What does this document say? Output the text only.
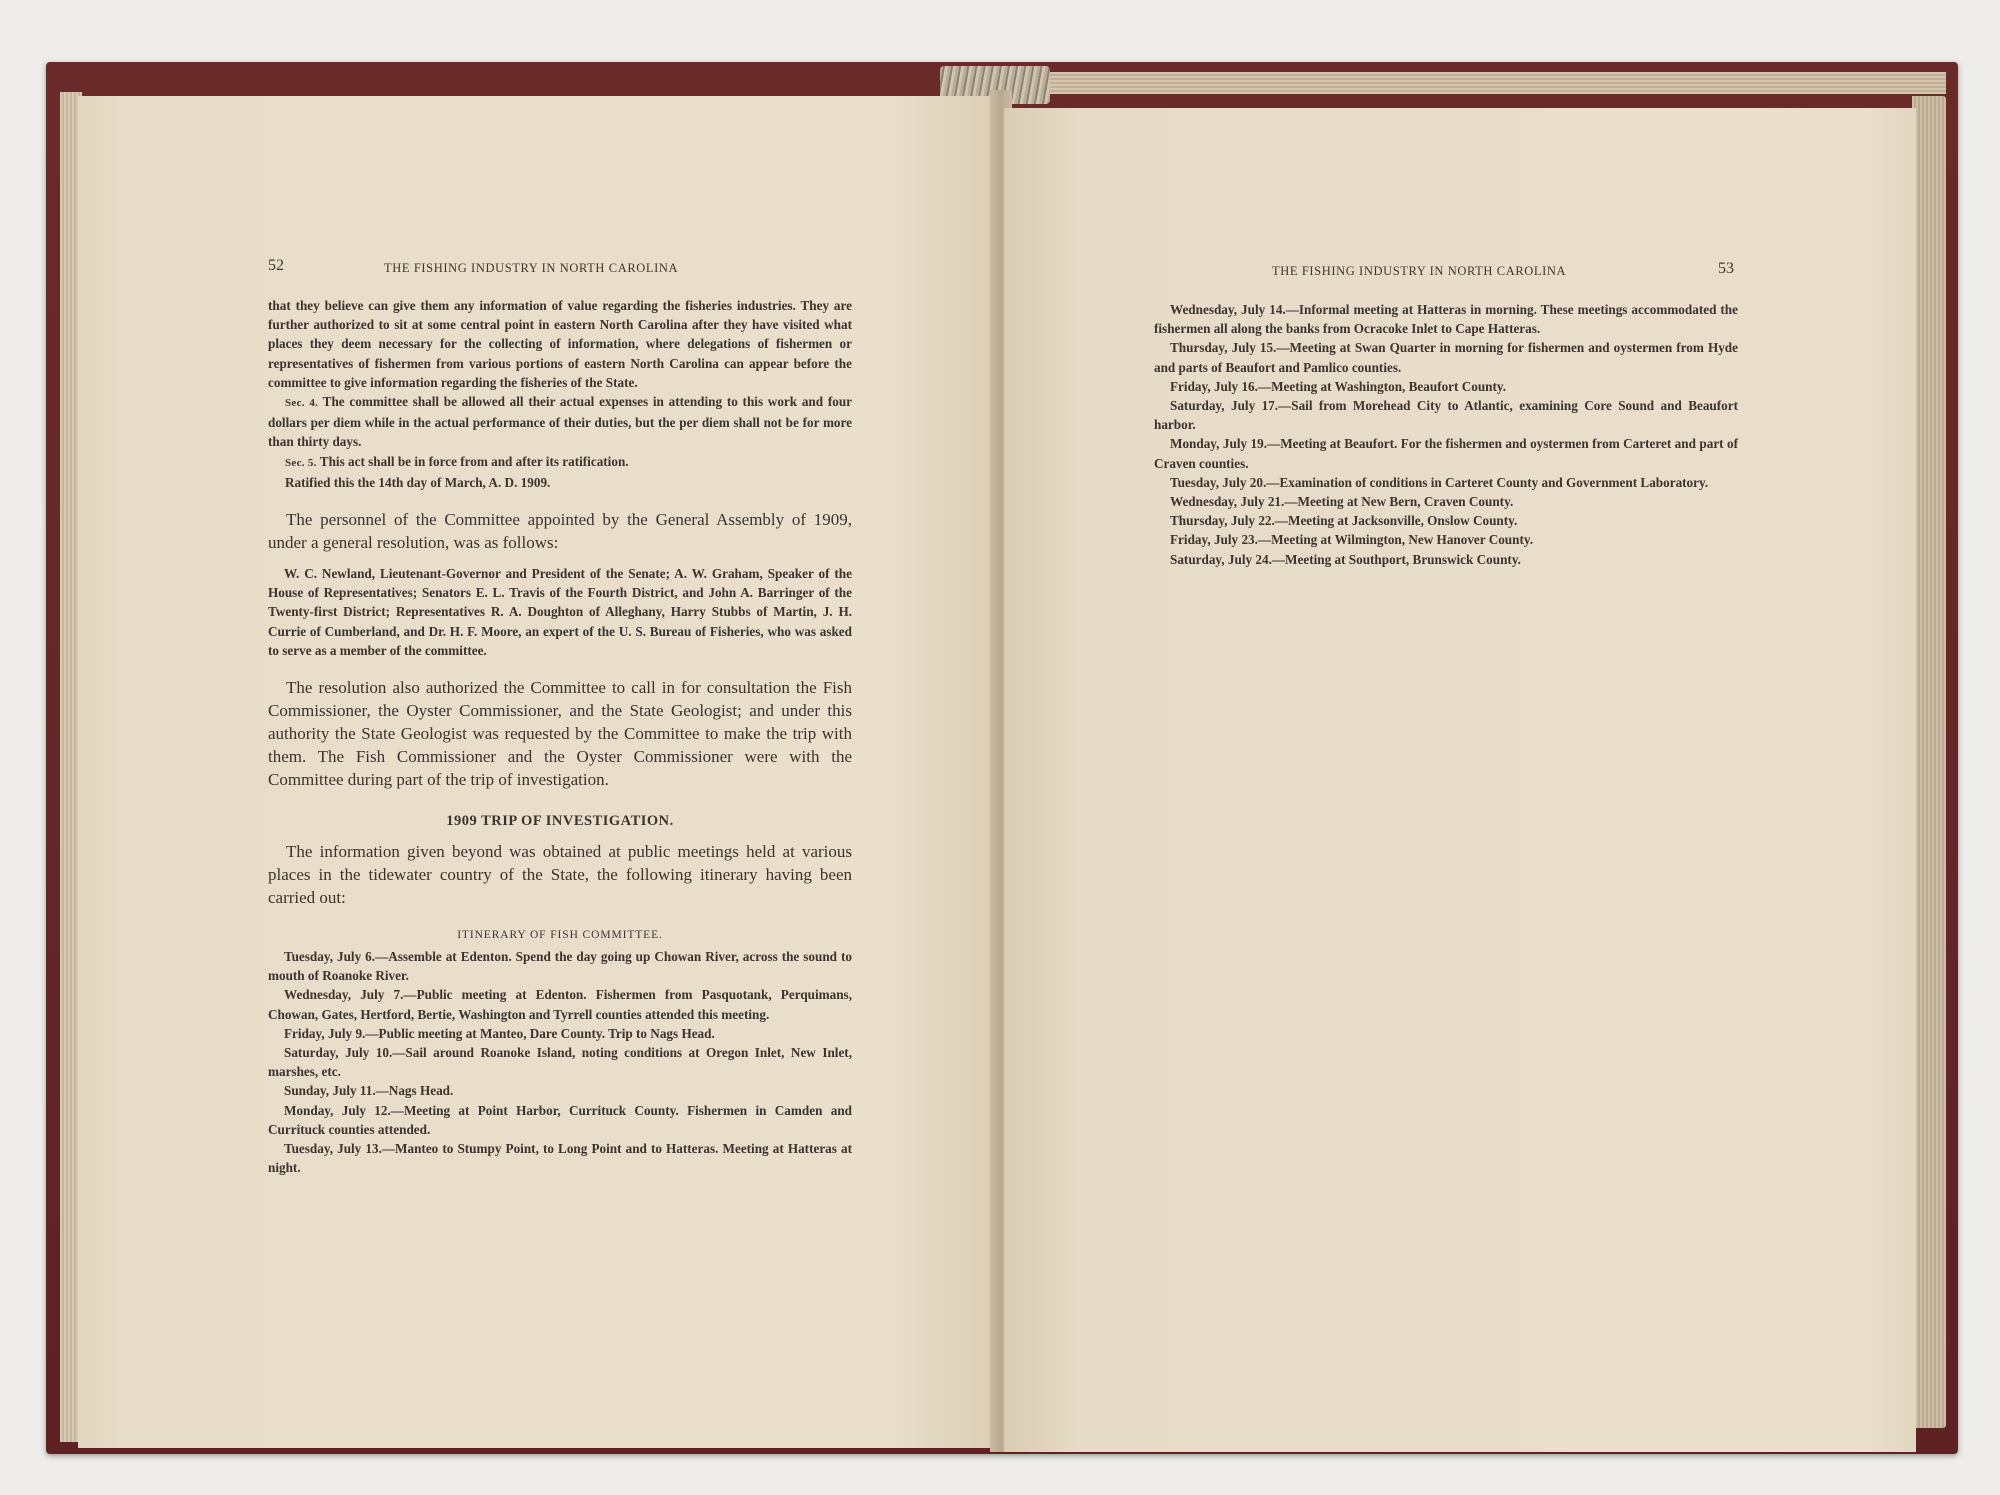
52	THE FISHING INDUSTRY IN NORTH CAROLINA

that they believe can give them any information of value regarding the fisheries industries. They are further authorized to sit at some central point in eastern North Carolina after they have visited what places they deem necessary for the collecting of information, where delegations of fishermen or representatives of fishermen from various portions of eastern North Carolina can appear before the committee to give information regarding the fisheries of the State.

Sec. 4. The committee shall be allowed all their actual expenses in attending to this work and four dollars per diem while in the actual performance of their duties, but the per diem shall not be for more than thirty days.

Sec. 5. This act shall be in force from and after its ratification.

Ratified this the 14th day of March, A. D. 1909.

The personnel of the Committee appointed by the General Assembly of 1909, under a general resolution, was as follows:

W. C. Newland, Lieutenant-Governor and President of the Senate; A. W. Graham, Speaker of the House of Representatives; Senators E. L. Travis of the Fourth District, and John A. Barringer of the Twenty-first District; Representatives R. A. Doughton of Alleghany, Harry Stubbs of Martin, J. H. Currie of Cumberland, and Dr. H. F. Moore, an expert of the U. S. Bureau of Fisheries, who was asked to serve as a member of the committee.

The resolution also authorized the Committee to call in for consultation the Fish Commissioner, the Oyster Commissioner, and the State Geologist; and under this authority the State Geologist was requested by the Committee to make the trip with them. The Fish Commissioner and the Oyster Commissioner were with the Committee during part of the trip of investigation.

1909 TRIP OF INVESTIGATION.

The information given beyond was obtained at public meetings held at various places in the tidewater country of the State, the following itinerary having been carried out:

ITINERARY OF FISH COMMITTEE.

Tuesday, July 6.—Assemble at Edenton. Spend the day going up Chowan River, across the sound to mouth of Roanoke River.

Wednesday, July 7.—Public meeting at Edenton. Fishermen from Pasquotank, Perquimans, Chowan, Gates, Hertford, Bertie, Washington and Tyrrell counties attended this meeting.

Friday, July 9.—Public meeting at Manteo, Dare County. Trip to Nags Head.

Saturday, July 10.—Sail around Roanoke Island, noting conditions at Oregon Inlet, New Inlet, marshes, etc.

Sunday, July 11.—Nags Head.

Monday, July 12.—Meeting at Point Harbor, Currituck County. Fishermen in Camden and Currituck counties attended.

Tuesday, July 13.—Manteo to Stumpy Point, to Long Point and to Hatteras. Meeting at Hatteras at night.

THE FISHING INDUSTRY IN NORTH CAROLINA	53

Wednesday, July 14.—Informal meeting at Hatteras in morning. These meetings accommodated the fishermen all along the banks from Ocracoke Inlet to Cape Hatteras.

Thursday, July 15.—Meeting at Swan Quarter in morning for fishermen and oystermen from Hyde and parts of Beaufort and Pamlico counties.

Friday, July 16.—Meeting at Washington, Beaufort County.

Saturday, July 17.—Sail from Morehead City to Atlantic, examining Core Sound and Beaufort harbor.

Monday, July 19.—Meeting at Beaufort. For the fishermen and oystermen from Carteret and part of Craven counties.

Tuesday, July 20.—Examination of conditions in Carteret County and Government Laboratory.

Wednesday, July 21.—Meeting at New Bern, Craven County.

Thursday, July 22.—Meeting at Jacksonville, Onslow County.

Friday, July 23.—Meeting at Wilmington, New Hanover County.

Saturday, July 24.—Meeting at Southport, Brunswick County.
